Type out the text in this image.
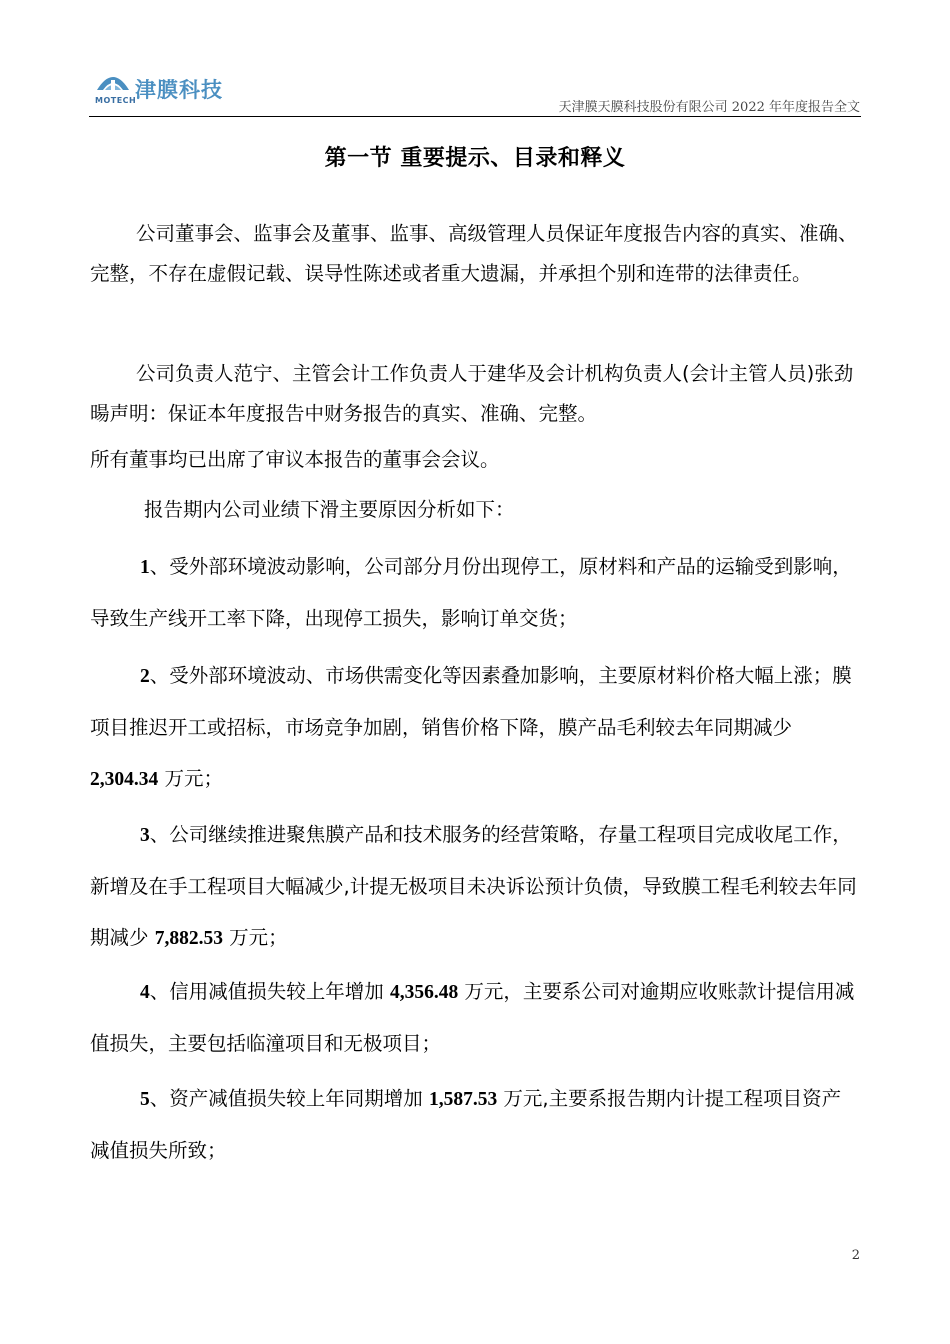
津膜科技
MOTECH	天津膜天膜科技股份有限公司 2022 年年度报告全文
第一节 重要提示、目录和释义

公司董事会、监事会及董事、监事、高级管理人员保证年度报告内容的真实、准确、完整，不存在虚假记载、误导性陈述或者重大遗漏，并承担个别和连带的法律责任。

公司负责人范宁、主管会计工作负责人于建华及会计机构负责人(会计主管人员)张劲暘声明：保证本年度报告中财务报告的真实、准确、完整。

所有董事均已出席了审议本报告的董事会会议。

报告期内公司业绩下滑主要原因分析如下：

1、受外部环境波动影响，公司部分月份出现停工，原材料和产品的运输受到影响，导致生产线开工率下降，出现停工损失，影响订单交货；

2、受外部环境波动、市场供需变化等因素叠加影响，主要原材料价格大幅上涨；膜项目推迟开工或招标，市场竞争加剧，销售价格下降，膜产品毛利较去年同期减少 2,304.34 万元；

3、公司继续推进聚焦膜产品和技术服务的经营策略，存量工程项目完成收尾工作，新增及在手工程项目大幅减少,计提无极项目未决诉讼预计负债，导致膜工程毛利较去年同期减少 7,882.53 万元；

4、信用减值损失较上年增加 4,356.48 万元，主要系公司对逾期应收账款计提信用减值损失，主要包括临潼项目和无极项目；

5、资产减值损失较上年同期增加 1,587.53 万元,主要系报告期内计提工程项目资产减值损失所致；

2
